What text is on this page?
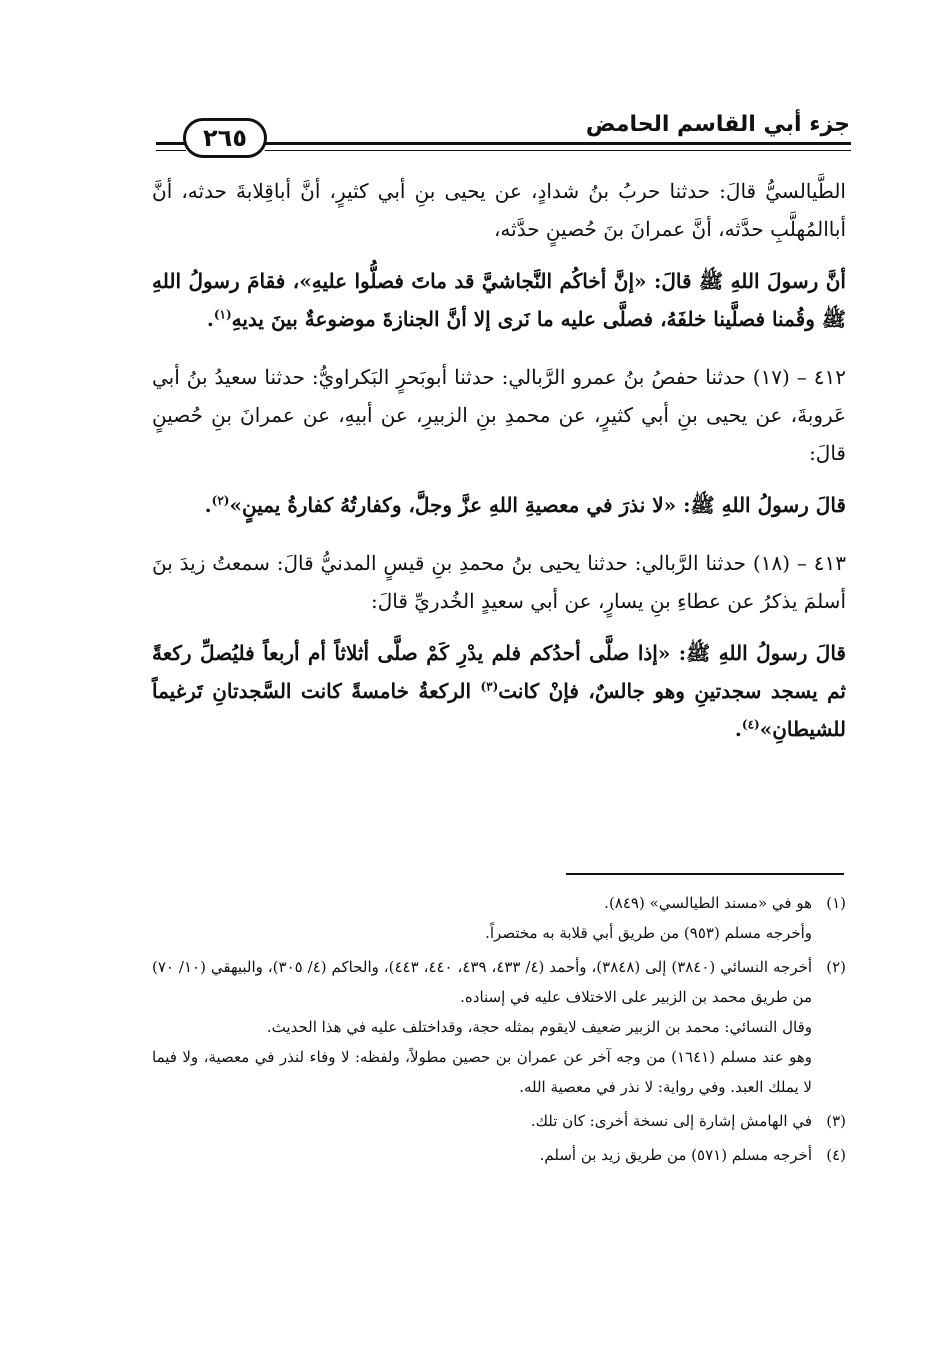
جزء أبي القاسم الحامض
٢٦٥

الطَّيالسيُّ قالَ: حدثنا حربُ بنُ شدادٍ، عن يحيى بنِ أبي كثيرٍ، أنَّ أباقِلابةَ حدثه، أنَّ أباالمُهلَّبِ حدَّثه، أنَّ عمرانَ بنَ حُصينٍ حدَّثه،

أنَّ رسولَ اللهِ ﷺ قالَ: «إنَّ أخاكُم النَّجاشيَّ قد ماتَ فصلُّوا عليهِ»، فقامَ رسولُ اللهِ ﷺ وقُمنا فصلَّينا خلفَهُ، فصلَّى عليه ما نَرى إلا أنَّ الجنازةَ موضوعةٌ بينَ يديهِ$^{(١)}$.

٤١٢ – (١٧) حدثنا حفصُ بنُ عمرو الرَّبالي: حدثنا أبوبَحرٍ البَكراويُّ: حدثنا سعيدُ بنُ أبي عَروبةَ، عن يحيى بنِ أبي كثيرٍ، عن محمدِ بنِ الزبيرِ، عن أبيهِ، عن عمرانَ بنِ حُصينٍ قالَ:

قالَ رسولُ اللهِ ﷺ: «لا نذرَ في معصيةِ اللهِ عزَّ وجلَّ، وكفارتُهُ كفارةُ يمينٍ»$^{(٢)}$.

٤١٣ – (١٨) حدثنا الرَّبالي: حدثنا يحيى بنُ محمدِ بنِ قيسٍ المدنيُّ قالَ: سمعتُ زيدَ بنَ أسلمَ يذكرُ عن عطاءِ بنِ يسارٍ، عن أبي سعيدٍ الخُدريِّ قالَ:

قالَ رسولُ اللهِ ﷺ: «إذا صلَّى أحدُكم فلم يدْرِ كَمْ صلَّى أثلاثاً أم أربعاً فليُصلِّ ركعةً ثم يسجد سجدتينِ وهو جالسٌ، فإنْ كانت$^{(٣)}$ الركعةُ خامسةً كانت السَّجدتانِ تَرغيماً للشيطانِ»$^{(٤)}$.

(١)
هو في «مسند الطيالسي» (٨٤٩).
وأخرجه مسلم (٩٥٣) من طريق أبي قلابة به مختصراً.
(٢)
أخرجه النسائي (٣٨٤٠) إلى (٣٨٤٨)، وأحمد (٤/ ٤٣٣، ٤٣٩، ٤٤٠، ٤٤٣)، والحاكم (٤/ ٣٠٥)، والبيهقي (١٠/ ٧٠) من طريق محمد بن الزبير على الاختلاف عليه في إسناده.
وقال النسائي: محمد بن الزبير ضعيف لايقوم بمثله حجة، وقداختلف عليه في هذا الحديث.
وهو عند مسلم (١٦٤١) من وجه آخر عن عمران بن حصين مطولاً، ولفظه: لا وفاء لنذر في معصية، ولا فيما لا يملك العبد. وفي رواية: لا نذر في معصية الله.
(٣)
في الهامش إشارة إلى نسخة أخرى: كان تلك.
(٤)
أخرجه مسلم (٥٧١) من طريق زيد بن أسلم.
